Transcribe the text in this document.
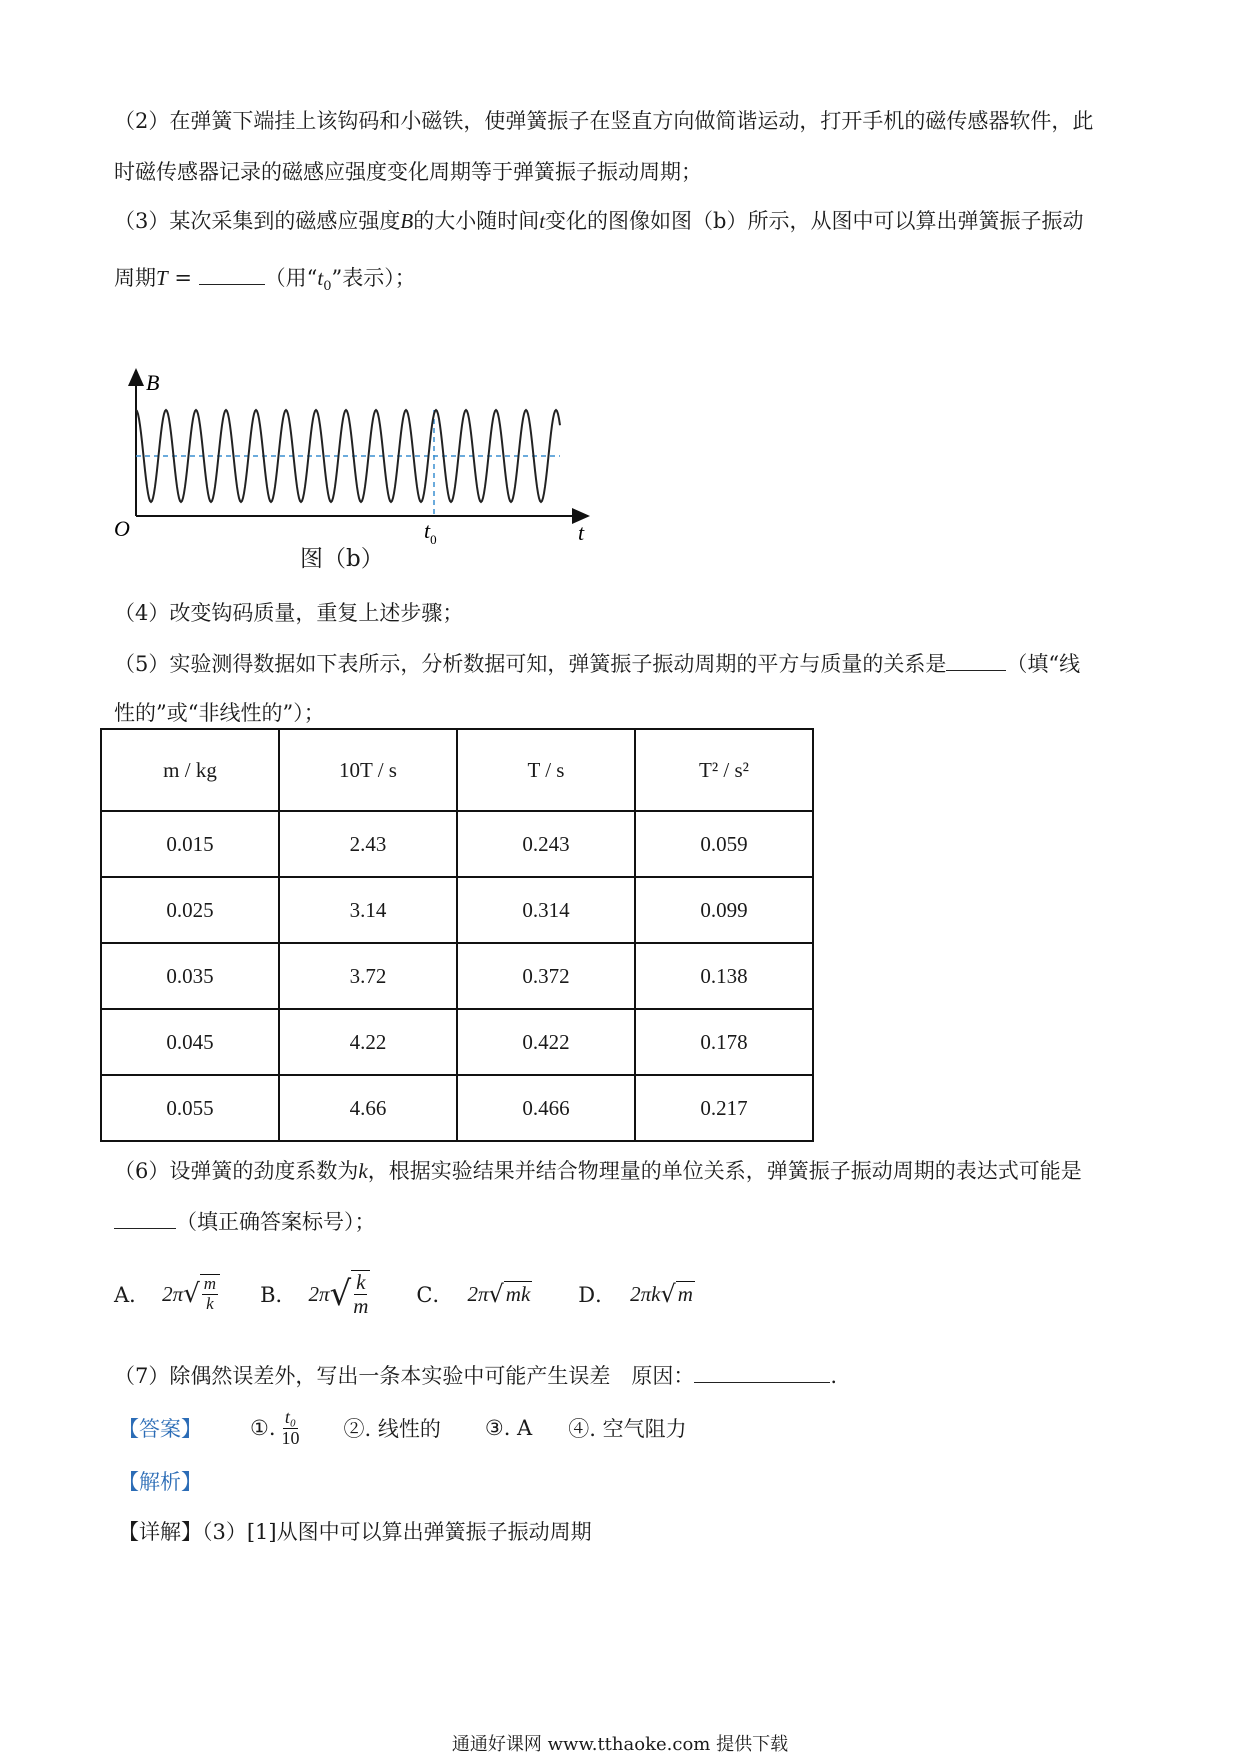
（2）在弹簧下端挂上该钩码和小磁铁，使弹簧振子在竖直方向做简谐运动，打开手机的磁传感器软件，此
时磁传感器记录的磁感应强度变化周期等于弹簧振子振动周期；
（3）某次采集到的磁感应强度B的大小随时间t变化的图像如图（b）所示，从图中可以算出弹簧振子振动
周期T =	（用“$t_0$”表示）；
B
t
O	$t_0$
图（b）
（4）改变钩码质量，重复上述步骤；
（5）实验测得数据如下表所示，分析数据可知，弹簧振子振动周期的平方与质量的关系是	（填“线
性的”或“非线性的”）；
m / kg	10T / s	T / s	T² / s²
0.015	2.43	0.243	0.059
0.025	3.14	0.314	0.099
0.035	3.72	0.372	0.138
0.045	4.22	0.422	0.178
0.055	4.66	0.466	0.217
（6）设弹簧的劲度系数为k，根据实验结果并结合物理量的单位关系，弹簧振子振动周期的表达式可能是
（填正确答案标号）；
A． 2π √ $\frac{m}{k}$ B． 2π √ $\frac{k}{m}$ C． 2π √ mk D． 2πk √ m
（7）除偶然误差外，写出一条本实验中可能产生误差　原因：	.
【答案】 ①. $\frac{\text{t₀}}{10}$ ②. 线性的 ③. A ④. 空气阻力
【解析】
【详解】（3）[1]从图中可以算出弹簧振子振动周期
通通好课网 www.tthaoke.com 提供下载
